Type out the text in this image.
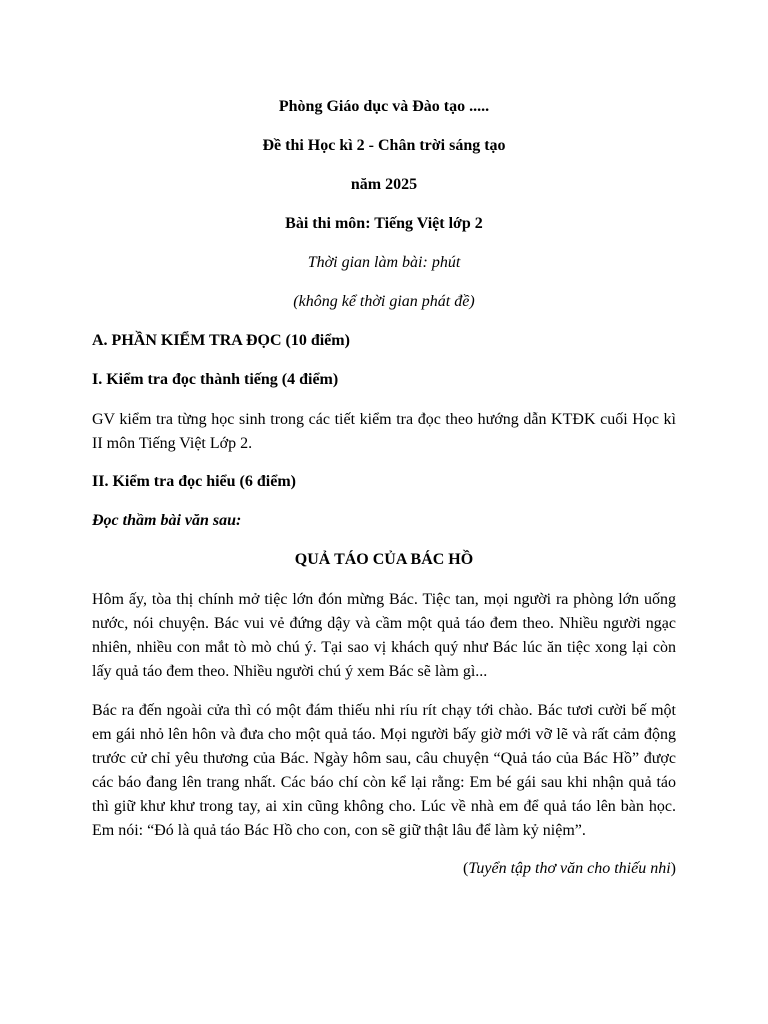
Phòng Giáo dục và Đào tạo .....

Đề thi Học kì 2 - Chân trời sáng tạo

năm 2025

Bài thi môn: Tiếng Việt lớp 2

Thời gian làm bài: phút

(không kể thời gian phát đề)

A. PHẦN KIỂM TRA ĐỌC (10 điểm)

I. Kiểm tra đọc thành tiếng (4 điểm)

GV kiểm tra từng học sinh trong các tiết kiểm tra đọc theo hướng dẫn KTĐK cuối Học kì II môn Tiếng Việt Lớp 2.

II. Kiểm tra đọc hiểu (6 điểm)

Đọc thầm bài văn sau:

QUẢ TÁO CỦA BÁC HỒ

Hôm ấy, tòa thị chính mở tiệc lớn đón mừng Bác. Tiệc tan, mọi người ra phòng lớn uống nước, nói chuyện. Bác vui vẻ đứng dậy và cầm một quả táo đem theo. Nhiều người ngạc nhiên, nhiều con mắt tò mò chú ý. Tại sao vị khách quý như Bác lúc ăn tiệc xong lại còn lấy quả táo đem theo. Nhiều người chú ý xem Bác sẽ làm gì...

Bác ra đến ngoài cửa thì có một đám thiếu nhi ríu rít chạy tới chào. Bác tươi cười bế một em gái nhỏ lên hôn và đưa cho một quả táo. Mọi người bấy giờ mới vỡ lẽ và rất cảm động trước cử chỉ yêu thương của Bác. Ngày hôm sau, câu chuyện “Quả táo của Bác Hồ” được các báo đang lên trang nhất. Các báo chí còn kể lại rằng: Em bé gái sau khi nhận quả táo thì giữ khư khư trong tay, ai xin cũng không cho. Lúc về nhà em để quả táo lên bàn học. Em nói: “Đó là quả táo Bác Hồ cho con, con sẽ giữ thật lâu để làm kỷ niệm”.

(Tuyển tập thơ văn cho thiếu nhi)
